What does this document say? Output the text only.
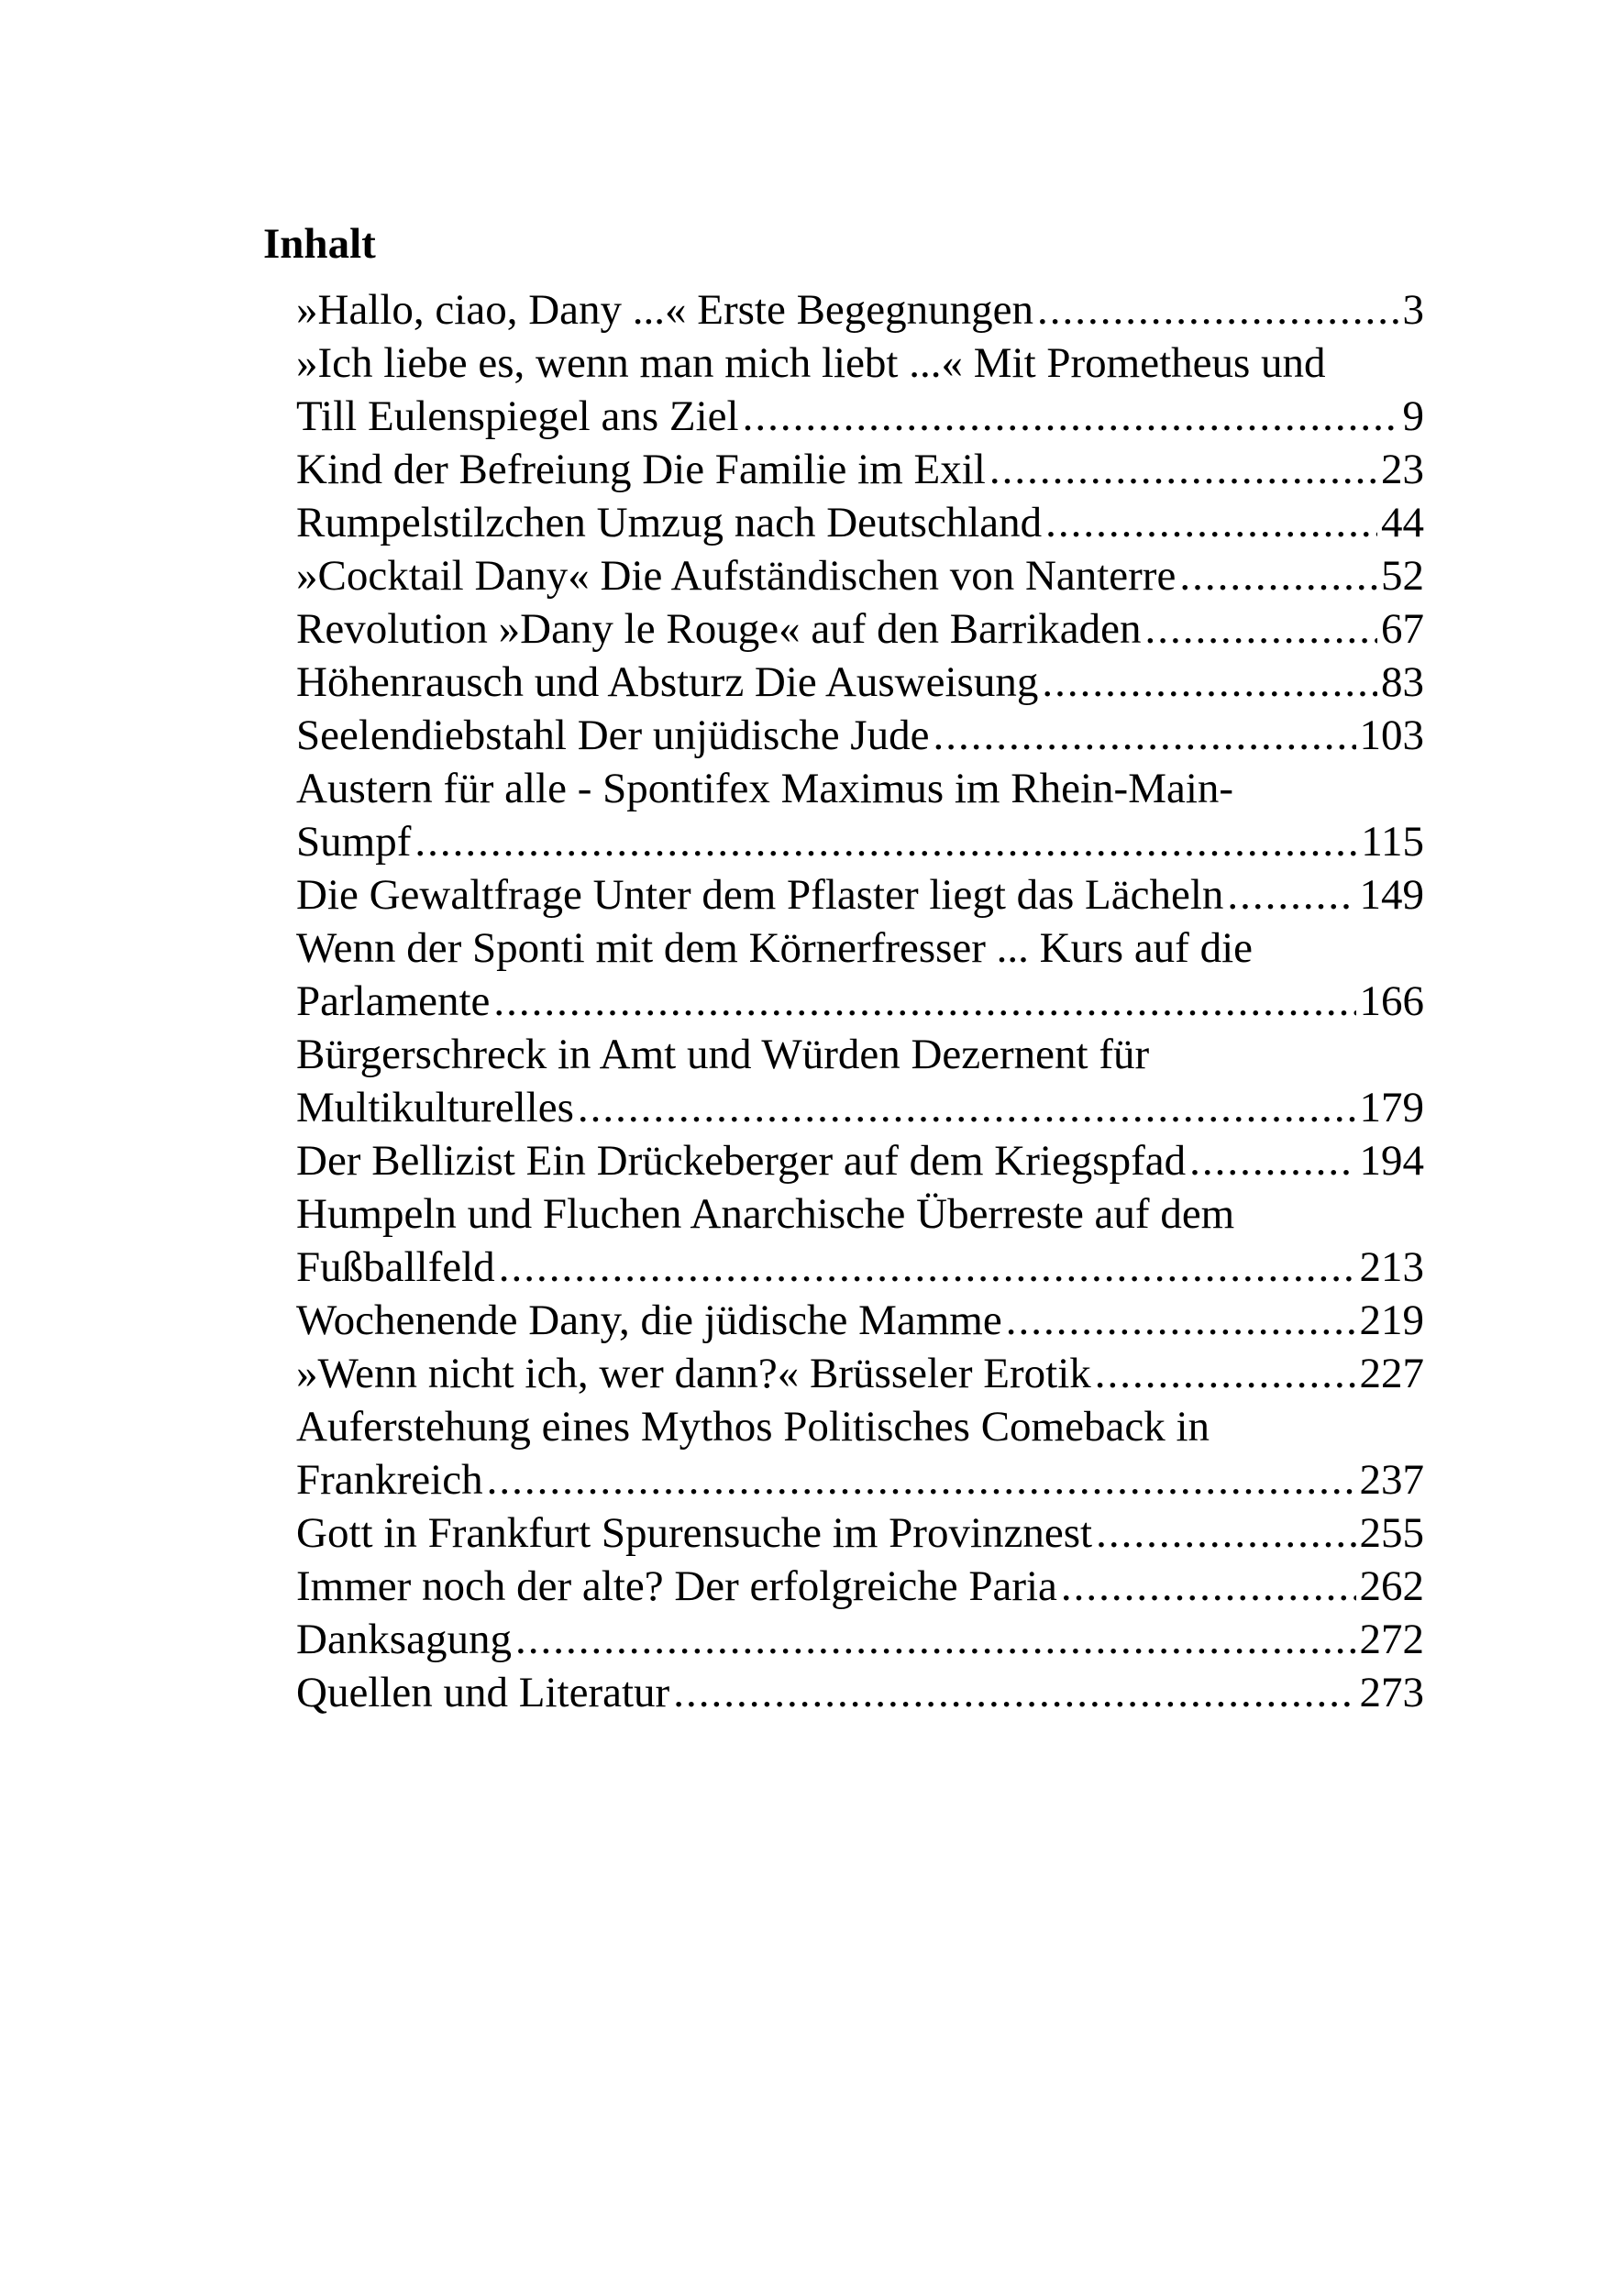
Inhalt
»Hallo, ciao, Dany ...« Erste Begegnungen .....	3
»Ich liebe es, wenn man mich liebt ...« Mit Prometheus und
Till Eulenspiegel ans Ziel .....	9
Kind der Befreiung Die Familie im Exil .....	23
Rumpelstilzchen Umzug nach Deutschland .....	44
»Cocktail Dany« Die Aufständischen von Nanterre .....	52
Revolution »Dany le Rouge« auf den Barrikaden .....	67
Höhenrausch und Absturz Die Ausweisung .....	83
Seelendiebstahl Der unjüdische Jude .....	103
Austern für alle - Spontifex Maximus im Rhein-Main-
Sumpf .....	115
Die Gewaltfrage Unter dem Pflaster liegt das Lächeln .....	149
Wenn der Sponti mit dem Körnerfresser ... Kurs auf die
Parlamente .....	166
Bürgerschreck in Amt und Würden Dezernent für
Multikulturelles .....	179
Der Bellizist Ein Drückeberger auf dem Kriegspfad .....	194
Humpeln und Fluchen Anarchische Überreste auf dem
Fußballfeld .....	213
Wochenende Dany, die jüdische Mamme .....	219
»Wenn nicht ich, wer dann?« Brüsseler Erotik .....	227
Auferstehung eines Mythos Politisches Comeback in
Frankreich .....	237
Gott in Frankfurt Spurensuche im Provinznest .....	255
Immer noch der alte? Der erfolgreiche Paria .....	262
Danksagung .....	272
Quellen und Literatur .....	273
